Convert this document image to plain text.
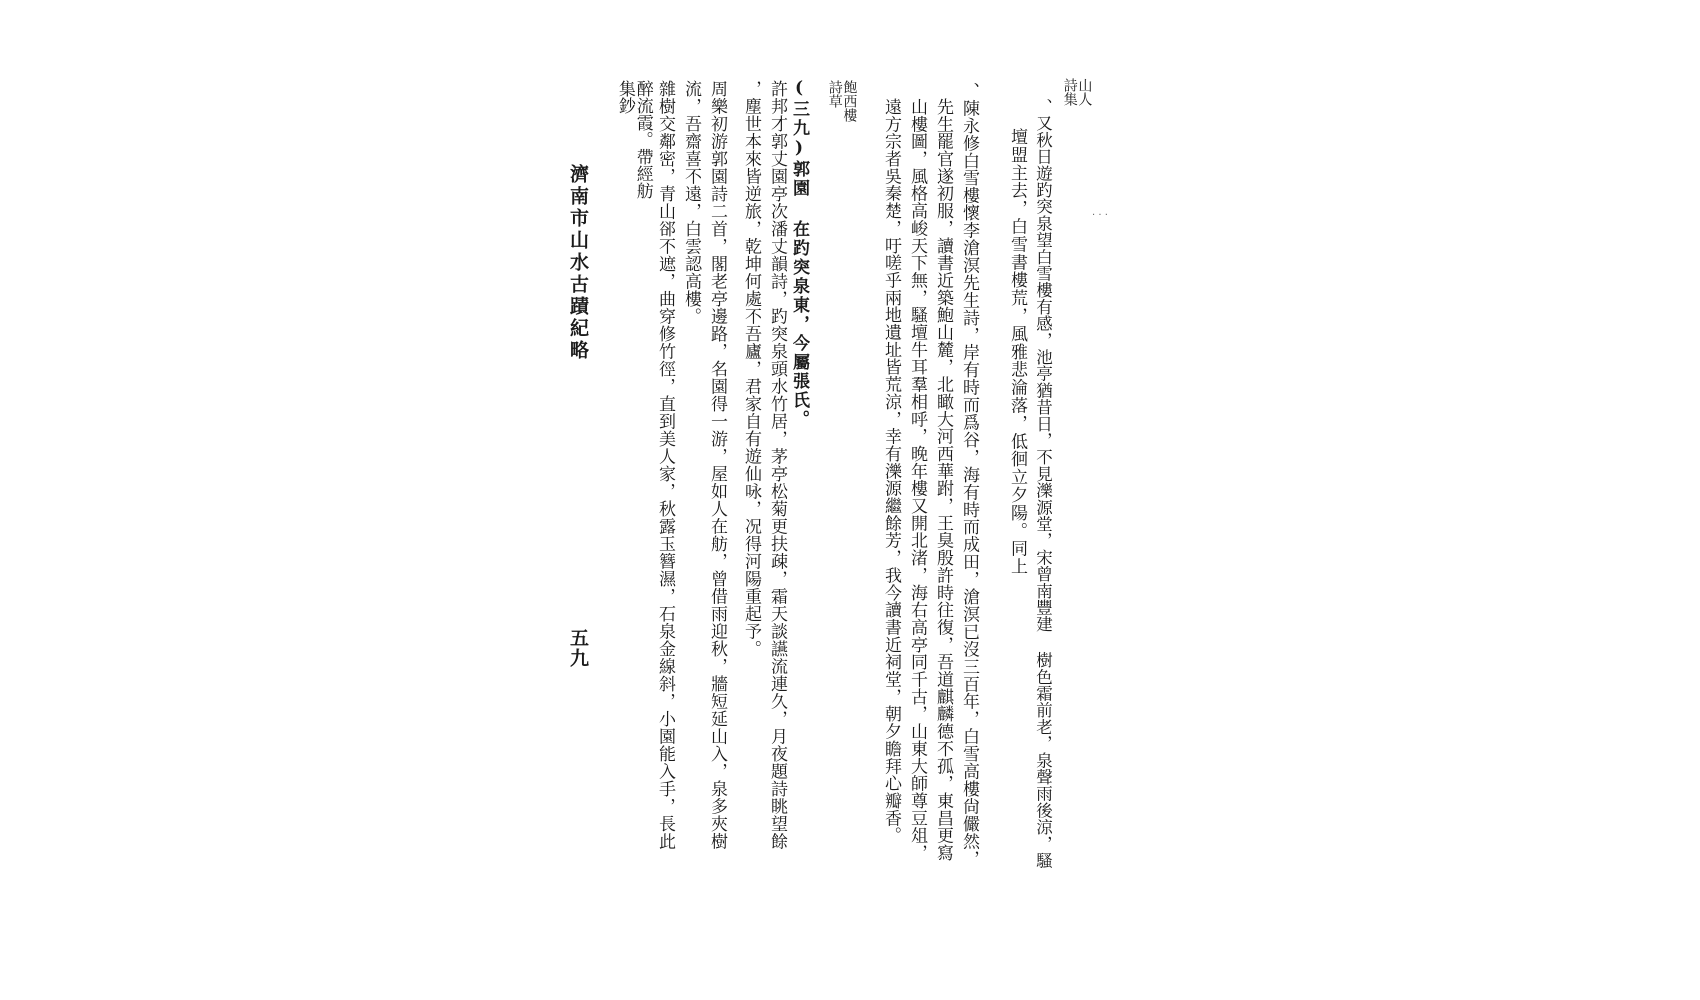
山人
詩集
、又秋日遊趵突泉望白雪樓有感，池亭猶昔日，不見濼源堂，宋曾南豐建 樹色霜前老，泉聲雨後涼，騷
壇盟主去，白雪書樓荒，風雅悲淪落，低徊立夕陽。同上
、陳永修白雪樓懷李滄溟先生詩，岸有時而爲谷，海有時而成田，滄溟已沒三百年，白雪高樓尙儼然，
先生罷官遂初服，讀書近築鮑山麓，北瞰大河西華跗，王臭殷許時往復，吾道麒麟德不孤，東昌更寫
山樓圖，風格高峻天下無，騷壇牛耳羣相呼，晚年樓又開北渚，海右高亭同千古，山東大師尊豆俎，
遠方宗者吳秦楚，吁嗟乎兩地遺址皆荒涼，幸有濼源繼餘芳，我今讀書近祠堂，朝夕瞻拜心瓣香。
飽西樓
詩草
(三九)郭園 在趵突泉東，今屬張氏。
許邦才郭丈園亭次潘丈韻詩，趵突泉頭水竹居，茅亭松菊更扶疎，霜天談讌流連久，月夜題詩眺望餘
，塵世本來皆逆旅，乾坤何處不吾廬，君家自有遊仙咏，况得河陽重起予。
周樂初游郭園詩二首，閣老亭邊路，名園得一游，屋如人在舫，曾借雨迎秋，牆短延山入，泉多夾樹
流，吾齋喜不遠，白雲認高樓。
雜樹交鄰密，青山郤不遮，曲穿修竹徑，直到美人家，秋露玉簪濕，石泉金線斜，小園能入手，長此
醉流霞。帶經舫
集鈔
濟南市山水古蹟紀略
五九
· · ·
